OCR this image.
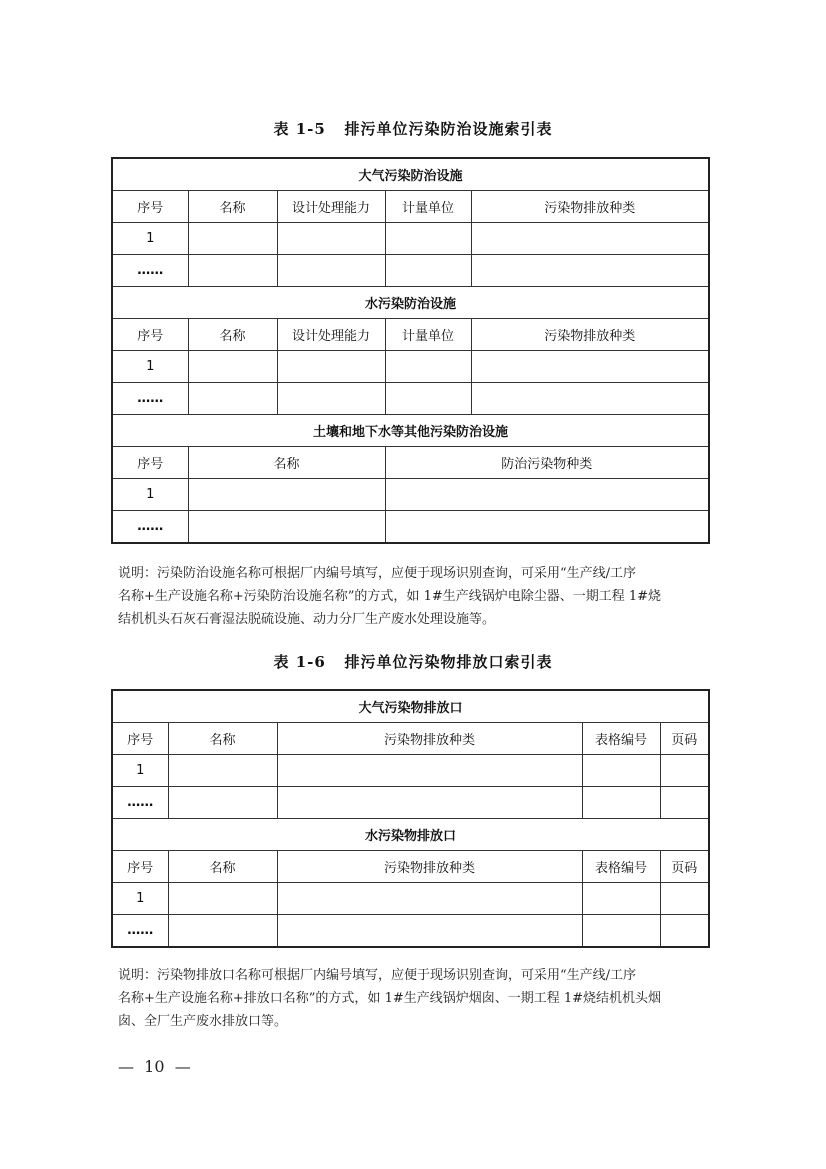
表 1-5   排污单位污染防治设施索引表
大气污染防治设施				
序号	名称	设计处理能力	计量单位	污染物排放种类
1				
……				
水污染防治设施				
序号	名称	设计处理能力	计量单位	污染物排放种类
1				
……				
土壤和地下水等其他污染防治设施				
序号	名称		防治污染物种类	
1				
……				

说明：污染防治设施名称可根据厂内编号填写，应便于现场识别查询，可采用“生产线/工序

名称+生产设施名称+污染防治设施名称”的方式，如 1#生产线锅炉电除尘器、一期工程 1#烧

结机机头石灰石膏湿法脱硫设施、动力分厂生产废水处理设施等。

表 1-6   排污单位污染物排放口索引表
大气污染物排放口				
序号	名称	污染物排放种类	表格编号	页码
1				
……				
水污染物排放口				
序号	名称	污染物排放种类	表格编号	页码
1				
……				

说明：污染物排放口名称可根据厂内编号填写，应便于现场识别查询，可采用“生产线/工序

名称+生产设施名称+排放口名称”的方式，如 1#生产线锅炉烟囱、一期工程 1#烧结机机头烟

囱、全厂生产废水排放口等。

—  10  —
